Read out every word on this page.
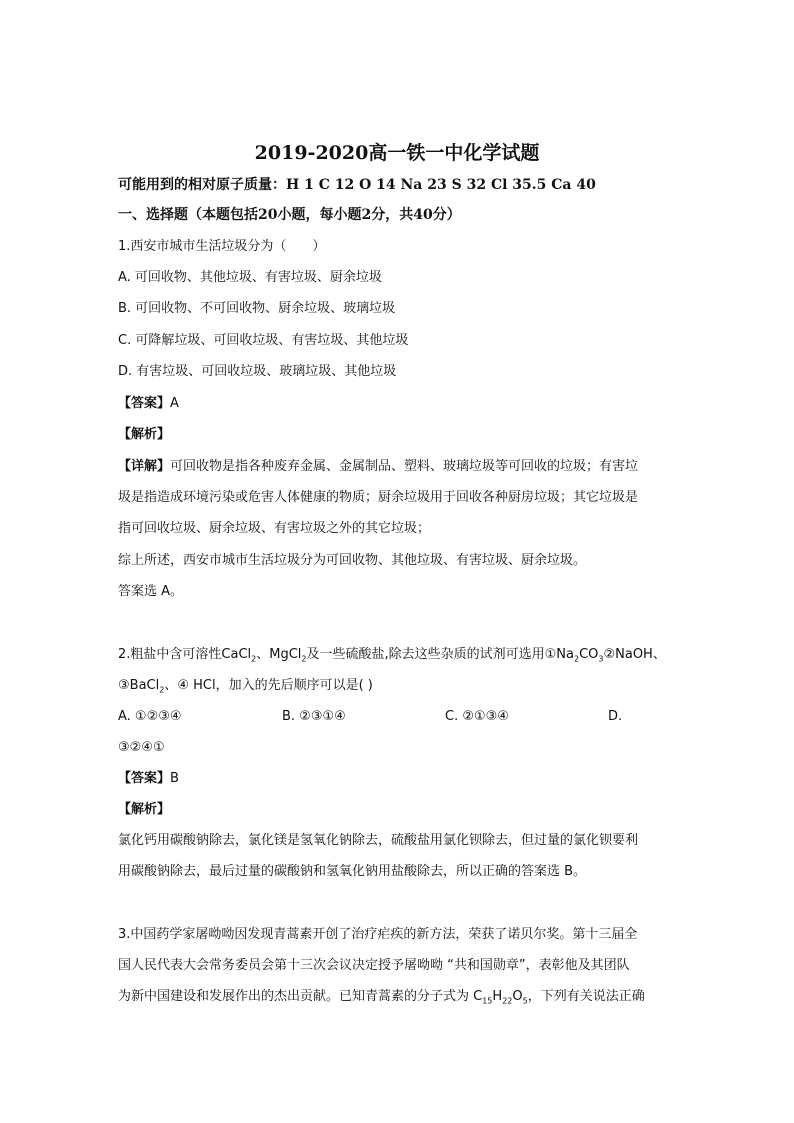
2019-2020高一铁一中化学试题
可能用到的相对原子质量：H 1 C 12 O 14 Na 23 S 32 Cl 35.5 Ca 40
一、选择题（本题包括20小题，每小题2分，共40分）
1.西安市城市生活垃圾分为（　　）
A. 可回收物、其他垃圾、有害垃圾、厨余垃圾
B. 可回收物、不可回收物、厨余垃圾、玻璃垃圾
C. 可降解垃圾、可回收垃圾、有害垃圾、其他垃圾
D. 有害垃圾、可回收垃圾、玻璃垃圾、其他垃圾
【答案】A
【解析】
【详解】可回收物是指各种废弃金属、金属制品、塑料、玻璃垃圾等可回收的垃圾；有害垃
圾是指造成环境污染或危害人体健康的物质；厨余垃圾用于回收各种厨房垃圾；其它垃圾是
指可回收垃圾、厨余垃圾、有害垃圾之外的其它垃圾；
综上所述，西安市城市生活垃圾分为可回收物、其他垃圾、有害垃圾、厨余垃圾。
答案选 A。
2.粗盐中含可溶性CaCl$_2$、MgCl$_2$及一些硫酸盐,除去这些杂质的试剂可选用$①Na_2CO_3②NaOH$、
③BaCl$_2$、④ HCl，加入的先后顺序可以是( )
A. ①②③④	B. ②③①④	C. ②①③④	D.
③②④①
【答案】B
【解析】
氯化钙用碳酸钠除去，氯化镁是氢氧化钠除去，硫酸盐用氯化钡除去，但过量的氯化钡要利
用碳酸钠除去，最后过量的碳酸钠和氢氧化钠用盐酸除去，所以正确的答案选 B。
3.中国药学家屠呦呦因发现青蒿素开创了治疗疟疾的新方法，荣获了诺贝尔奖。第十三届全
国人民代表大会常务委员会第十三次会议决定授予屠呦呦 “共和国勋章”，表彰他及其团队
为新中国建设和发展作出的杰出贡献。已知青蒿素的分子式为 $C_{15}H_{22}O_5$，下列有关说法正确
